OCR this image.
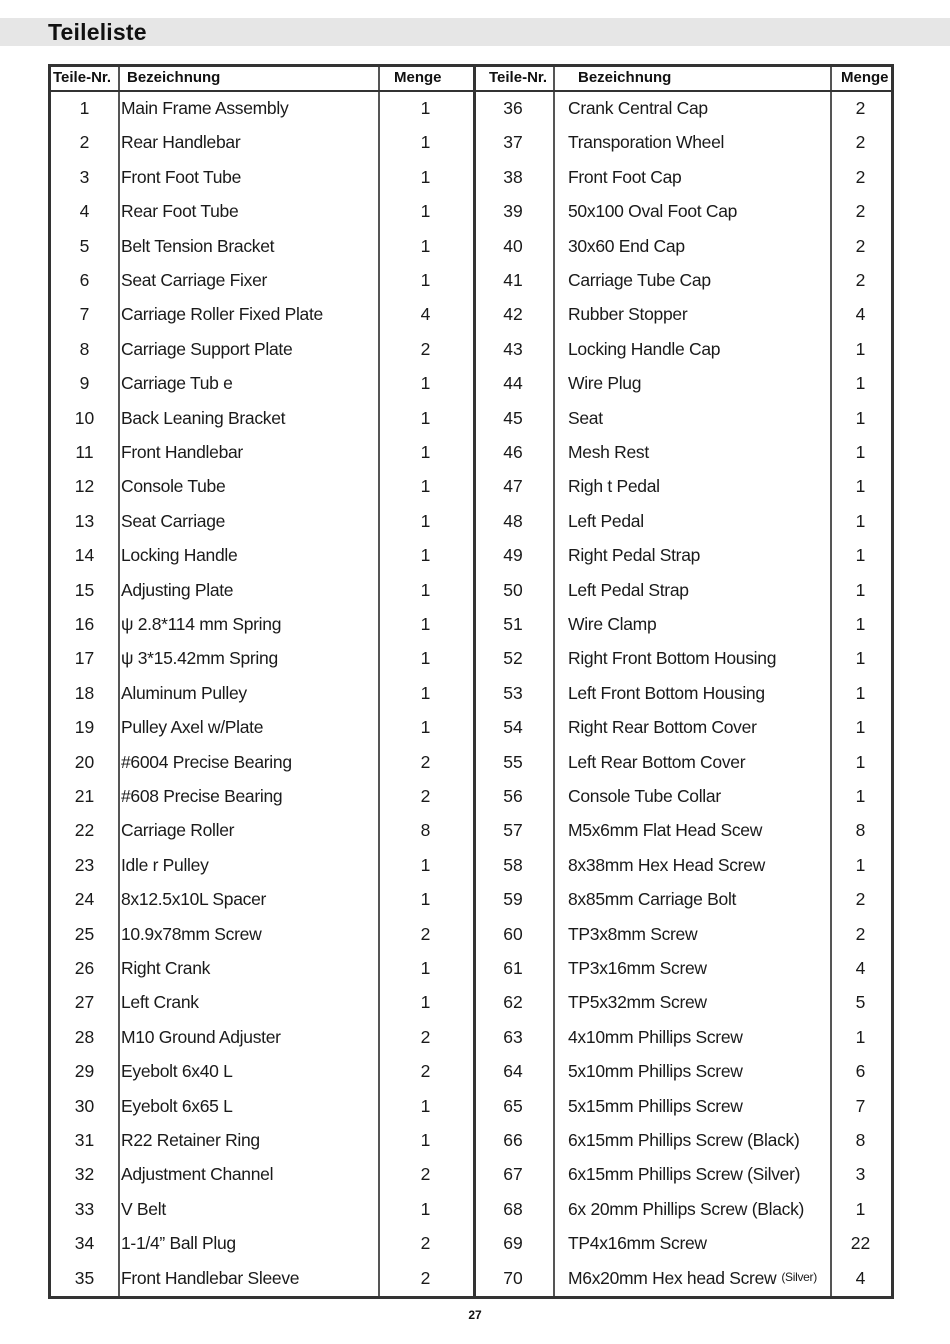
Teileliste
Teile-Nr. Bezeichnung	Menge	Teile-Nr. Bezeichnung	Menge
1	Main Frame Assembly	1
2	Rear Handlebar	1
3	Front Foot Tube	1
4	Rear Foot Tube	1
5	Belt Tension Bracket	1
6	Seat Carriage Fixer	1
7	Carriage Roller Fixed Plate	4
8	Carriage Support Plate	2
9	Carriage Tub e	1
10	Back Leaning Bracket	1
11	Front Handlebar	1
12	Console Tube	1
13	Seat Carriage	1
14	Locking Handle	1
15	Adjusting Plate	1
16	ψ 2.8*114 mm Spring	1
17	ψ 3*15.42mm Spring	1
18	Aluminum Pulley	1
19	Pulley Axel w/Plate	1
20	#6004 Precise Bearing	2
21	#608 Precise Bearing	2
22	Carriage Roller	8
23	Idle r Pulley	1
24	8x12.5x10L Spacer	1
25	10.9x78mm Screw	2
26	Right Crank	1
27	Left Crank	1
28	M10 Ground Adjuster	2
29	Eyebolt 6x40 L	2
30	Eyebolt 6x65 L	1
31	R22 Retainer Ring	1
32	Adjustment Channel	2
33	V Belt	1
34	1-1/4” Ball Plug	2
35	Front Handlebar Sleeve	2
36	Crank Central Cap	2
37	Transporation Wheel	2
38	Front Foot Cap	2
39	50x100 Oval Foot Cap	2
40	30x60 End Cap	2
41	Carriage Tube Cap	2
42	Rubber Stopper	4
43	Locking Handle Cap	1
44	Wire Plug	1
45	Seat	1
46	Mesh Rest	1
47	Righ t Pedal	1
48	Left Pedal	1
49	Right Pedal Strap	1
50	Left Pedal Strap	1
51	Wire Clamp	1
52	Right Front Bottom Housing	1
53	Left Front Bottom Housing	1
54	Right Rear Bottom Cover	1
55	Left Rear Bottom Cover	1
56	Console Tube Collar	1
57	M5x6mm Flat Head Scew	8
58	8x38mm Hex Head Screw	1
59	8x85mm Carriage Bolt	2
60	TP3x8mm Screw	2
61	TP3x16mm Screw	4
62	TP5x32mm Screw	5
63	4x10mm Phillips Screw	1
64	5x10mm Phillips Screw	6
65	5x15mm Phillips Screw	7
66	6x15mm Phillips Screw (Black)	8
67	6x15mm Phillips Screw (Silver)	3
68	6x 20mm Phillips Screw (Black)	1
69	TP4x16mm Screw	22
70	M6x20mm Hex head Screw (Silver)	4
27
